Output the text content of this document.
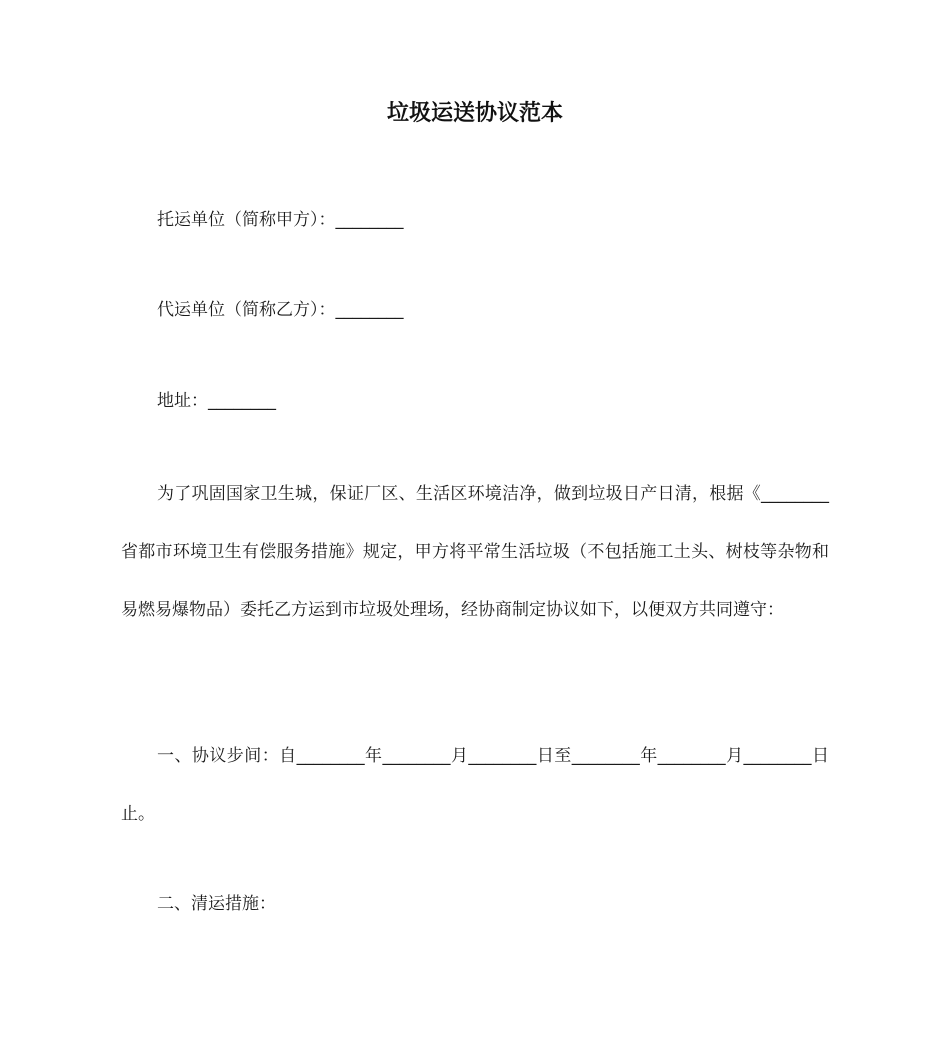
垃圾运送协议范本
托运单位（简称甲方）：________
代运单位（简称乙方）：________
地址：________
为了巩固国家卫生城，保证厂区、生活区环境洁净，做到垃圾日产日清，根据《________省都市环境卫生有偿服务措施》规定，甲方将平常生活垃圾（不包括施工土头、树枝等杂物和易燃易爆物品）委托乙方运到市垃圾处理场，经协商制定协议如下，以便双方共同遵守：
一、协议步间：自________年________月________日至________年________月________日止。
二、清运措施：
